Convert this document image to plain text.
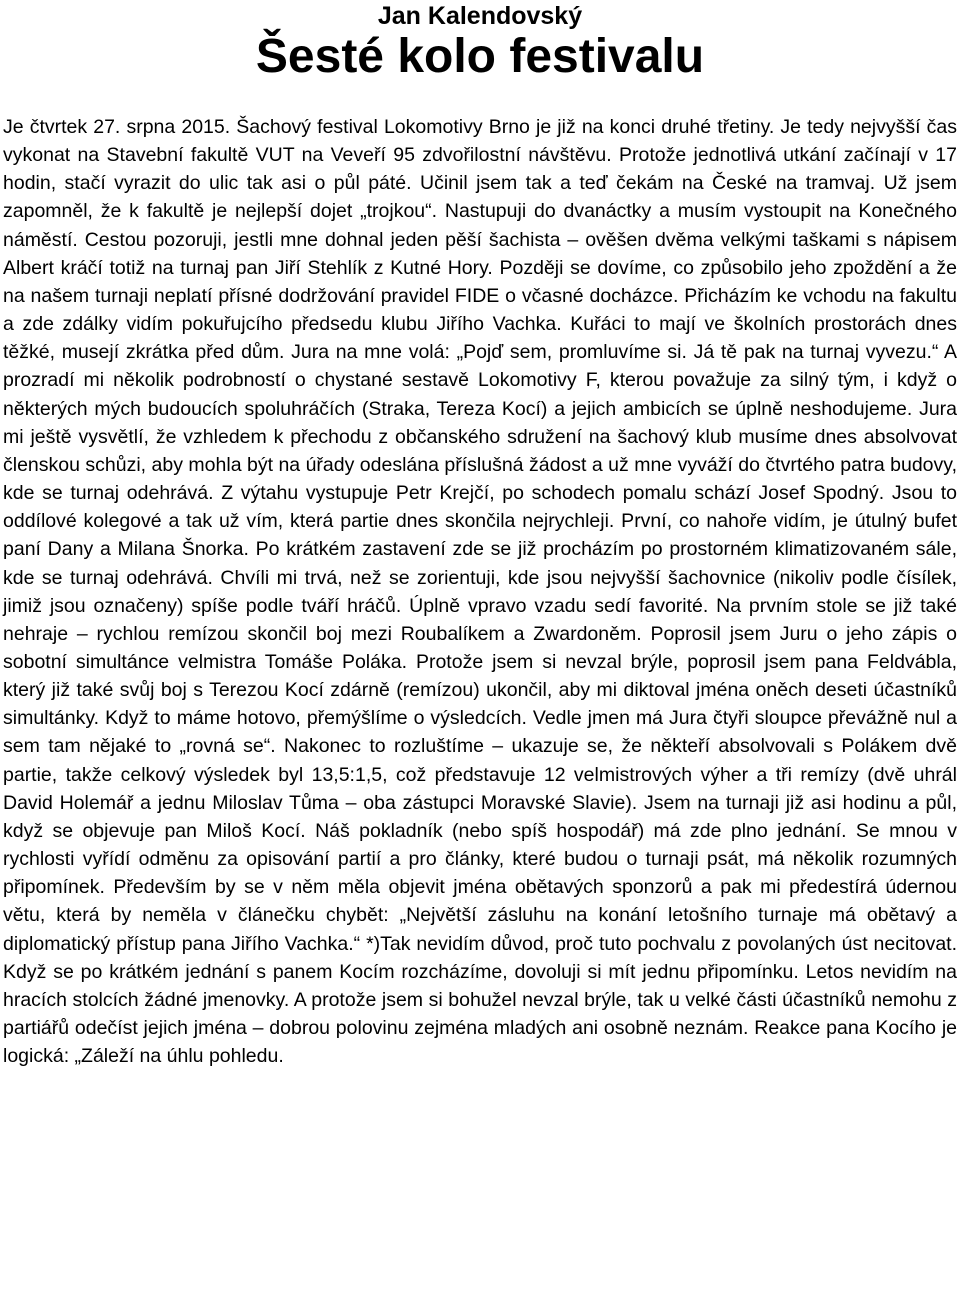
Jan Kalendovský
Šesté kolo festivalu

Je čtvrtek 27. srpna 2015. Šachový festival Lokomotivy Brno je již na konci druhé třetiny. Je tedy nejvyšší čas vykonat na Stavební fakultě VUT na Veveří 95 zdvořilostní návštěvu. Protože jednotlivá utkání začínají v 17 hodin, stačí vyrazit do ulic tak asi o půl páté. Učinil jsem tak a teď čekám na České na tramvaj. Už jsem zapomněl, že k fakultě je nejlepší dojet „trojkou“. Nastupuji do dvanáctky a musím vystoupit na Konečného náměstí. Cestou pozoruji, jestli mne dohnal jeden pěší šachista – ověšen dvěma velkými taškami s nápisem Albert kráčí totiž na turnaj pan Jiří Stehlík z Kutné Hory. Později se dovíme, co způsobilo jeho zpoždění a že na našem turnaji neplatí přísné dodržování pravidel FIDE o včasné docházce. Přicházím ke vchodu na fakultu a zde zdálky vidím pokuřujcího předsedu klubu Jiřího Vachka. Kuřáci to mají ve školních prostorách dnes těžké, musejí zkrátka před dům. Jura na mne volá: „Pojď sem, promluvíme si. Já tě pak na turnaj vyvezu.“ A prozradí mi několik podrobností o chystané sestavě Lokomotivy F, kterou považuje za silný tým, i když o některých mých budoucích spoluhráčích (Straka, Tereza Kocí) a jejich ambicích se úplně neshodujeme. Jura mi ještě vysvětlí, že vzhledem k přechodu z občanského sdružení na šachový klub musíme dnes absolvovat členskou schůzi, aby mohla být na úřady odeslána příslušná žádost a už mne vyváží do čtvrtého patra budovy, kde se turnaj odehrává. Z výtahu vystupuje Petr Krejčí, po schodech pomalu schází Josef Spodný. Jsou to oddílové kolegové a tak už vím, která partie dnes skončila nejrychleji. První, co nahoře vidím, je útulný bufet paní Dany a Milana Šnorka. Po krátkém zastavení zde se již procházím po prostorném klimatizovaném sále, kde se turnaj odehrává. Chvíli mi trvá, než se zorientuji, kde jsou nejvyšší šachovnice (nikoliv podle čísílek, jimiž jsou označeny) spíše podle tváří hráčů. Úplně vpravo vzadu sedí favorité. Na prvním stole se již také nehraje – rychlou remízou skončil boj mezi Roubalíkem a Zwardoněm. Poprosil jsem Juru o jeho zápis o sobotní simultánce velmistra Tomáše Poláka. Protože jsem si nevzal brýle, poprosil jsem pana Feldvábla, který již také svůj boj s Terezou Kocí zdárně (remízou) ukončil, aby mi diktoval jména oněch deseti účastníků simultánky. Když to máme hotovo, přemýšlíme o výsledcích. Vedle jmen má Jura čtyři sloupce převážně nul a sem tam nějaké to „rovná se“. Nakonec to rozluštíme – ukazuje se, že někteří absolvovali s Polákem dvě partie, takže celkový výsledek byl 13,5:1,5, což představuje 12 velmistrových výher a tři remízy (dvě uhrál David Holemář a jednu Miloslav Tůma – oba zástupci Moravské Slavie). Jsem na turnaji již asi hodinu a půl, když se objevuje pan Miloš Kocí. Náš pokladník (nebo spíš hospodář) má zde plno jednání. Se mnou v rychlosti vyřídí odměnu za opisování partií a pro články, které budou o turnaji psát, má několik rozumných připomínek. Především by se v něm měla objevit jména obětavých sponzorů a pak mi předestírá údernou větu, která by neměla v článečku chybět: „Největší zásluhu na konání letošního turnaje má obětavý a diplomatický přístup pana Jiřího Vachka.“ *)Tak nevidím důvod, proč tuto pochvalu z povolaných úst necitovat. Když se po krátkém jednání s panem Kocím rozcházíme, dovoluji si mít jednu připomínku. Letos nevidím na hracích stolcích žádné jmenovky. A protože jsem si bohužel nevzal brýle, tak u velké části účastníků nemohu z partiářů odečíst jejich jména – dobrou polovinu zejména mladých ani osobně neznám. Reakce pana Kocího je logická: „Záleží na úhlu pohledu.
